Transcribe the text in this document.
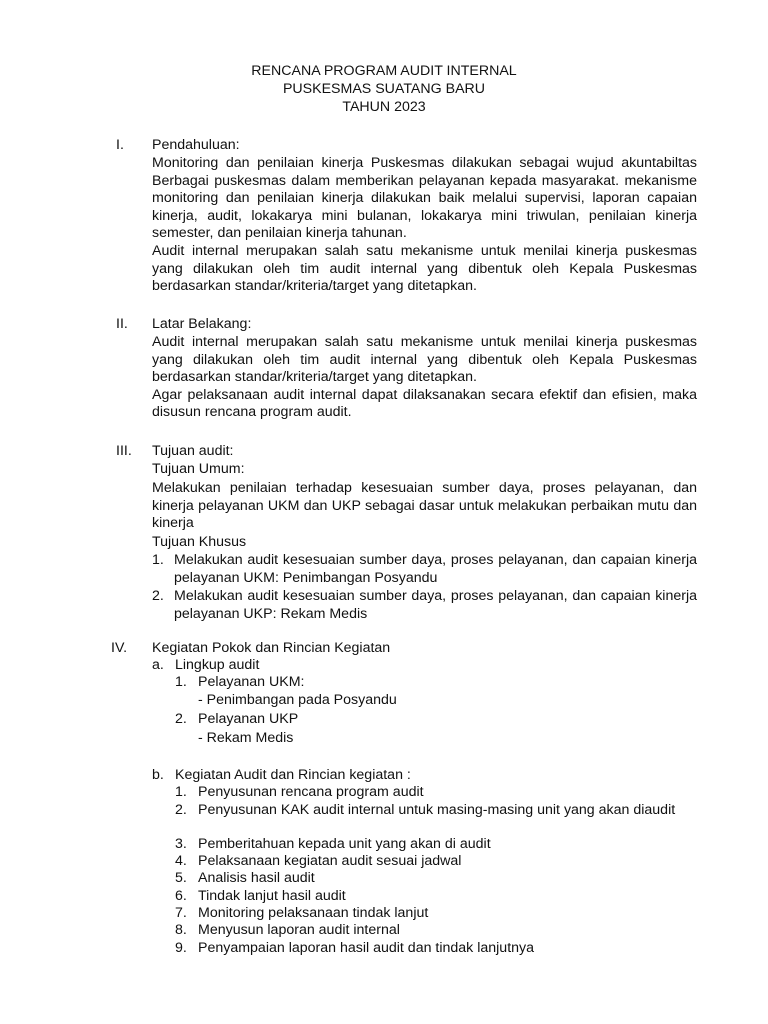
RENCANA PROGRAM AUDIT INTERNAL
PUSKESMAS SUATANG BARU
TAHUN 2023
I. Pendahuluan:

Monitoring dan penilaian kinerja Puskesmas dilakukan sebagai wujud akuntabiltas Berbagai puskesmas dalam memberikan pelayanan kepada masyarakat. mekanisme monitoring dan penilaian kinerja dilakukan baik melalui supervisi, laporan capaian kinerja, audit, lokakarya mini bulanan, lokakarya mini triwulan, penilaian kinerja semester, dan penilaian kinerja tahunan.

Audit internal merupakan salah satu mekanisme untuk menilai kinerja puskesmas yang dilakukan oleh tim audit internal yang dibentuk oleh Kepala Puskesmas berdasarkan standar/kriteria/target yang ditetapkan.

II. Latar Belakang:

Audit internal merupakan salah satu mekanisme untuk menilai kinerja puskesmas yang dilakukan oleh tim audit internal yang dibentuk oleh Kepala Puskesmas berdasarkan standar/kriteria/target yang ditetapkan.

Agar pelaksanaan audit internal dapat dilaksanakan secara efektif dan efisien, maka disusun rencana program audit.

III. Tujuan audit:
Tujuan Umum:

Melakukan penilaian terhadap kesesuaian sumber daya, proses pelayanan, dan kinerja pelayanan UKM dan UKP sebagai dasar untuk melakukan perbaikan mutu dan kinerja

Tujuan Khusus
1. Melakukan audit kesesuaian sumber daya, proses pelayanan, dan capaian kinerja pelayanan UKM: Penimbangan Posyandu
2. Melakukan audit kesesuaian sumber daya, proses pelayanan, dan capaian kinerja pelayanan UKP: Rekam Medis
IV. Kegiatan Pokok dan Rincian Kegiatan
a. Lingkup audit
1. Pelayanan UKM:
- Penimbangan pada Posyandu
2. Pelayanan UKP
- Rekam Medis
b. Kegiatan Audit dan Rincian kegiatan :
1. Penyusunan rencana program audit
2. Penyusunan KAK audit internal untuk masing-masing unit yang akan diaudit
3. Pemberitahuan kepada unit yang akan di audit
4. Pelaksanaan kegiatan audit sesuai jadwal
5. Analisis hasil audit
6. Tindak lanjut hasil audit
7. Monitoring pelaksanaan tindak lanjut
8. Menyusun laporan audit internal
9. Penyampaian laporan hasil audit dan tindak lanjutnya
